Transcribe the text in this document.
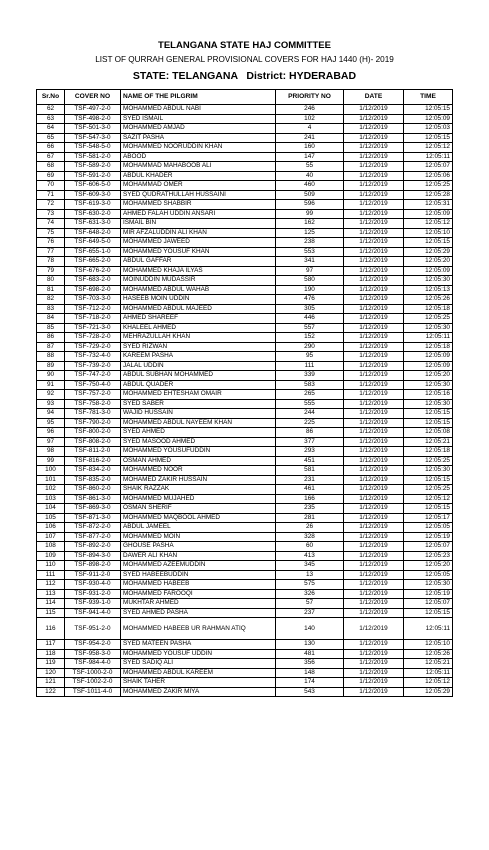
TELANGANA STATE HAJ COMMITTEE
LIST OF QURRAH GENERAL PROVISIONAL COVERS FOR HAJ 1440 (H)- 2019
STATE: TELANGANA   District: HYDERABAD
Sr.No	COVER NO	NAME OF THE PILGRIM	PRIORITY NO	DATE	TIME
62	TSF-497-2-0	MOHAMMED ABDUL NABI	246	1/12/2019	12:05:15
63	TSF-498-2-0	SYED ISMAIL	102	1/12/2019	12:05:09
64	TSF-501-3-0	MOHAMMED AMJAD	4	1/12/2019	12:05:03
65	TSF-547-3-0	SAZIT PASHA	241	1/12/2019	12:05:15
66	TSF-548-5-0	MOHAMMED NOORUDDIN KHAN	160	1/12/2019	12:05:12
67	TSF-581-2-0	ABOOD	147	1/12/2019	12:05:11
68	TSF-589-2-0	MOHAMMAD MAHABOOB ALI	55	1/12/2019	12:05:07
69	TSF-591-2-0	ABDUL KHADER	40	1/12/2019	12:05:06
70	TSF-606-5-0	MOHAMMAD OMER	460	1/12/2019	12:05:25
71	TSF-609-3-0	SYED QUDRATHULLAH HUSSAINI	509	1/12/2019	12:05:28
72	TSF-619-3-0	MOHAMMED SHABBIR	596	1/12/2019	12:05:31
73	TSF-630-2-0	AHMED FALAH UDDIN ANSARI	99	1/12/2019	12:05:09
74	TSF-631-3-0	ISMAIL BIN	162	1/12/2019	12:05:12
75	TSF-648-2-0	MIR AFZALUDDIN ALI KHAN	125	1/12/2019	12:05:10
76	TSF-649-5-0	MOHAMMED JAWEED	238	1/12/2019	12:05:15
77	TSF-655-1-0	MOHAMMED YOUSUF KHAN	553	1/12/2019	12:05:29
78	TSF-665-2-0	ABDUL GAFFAR	341	1/12/2019	12:05:20
79	TSF-676-2-0	MOHAMMED KHAJA ILYAS	97	1/12/2019	12:05:09
80	TSF-683-2-0	MOINUDDIN MUDASSIR	580	1/12/2019	12:05:30
81	TSF-698-2-0	MOHAMMED ABDUL WAHAB	190	1/12/2019	12:05:13
82	TSF-703-3-0	HASEEB MOIN UDDIN	476	1/12/2019	12:05:26
83	TSF-712-2-0	MOHAMMED ABDUL MAJEED	305	1/12/2019	12:05:18
84	TSF-718-2-0	AHMED SHAREEF	446	1/12/2019	12:05:25
85	TSF-721-3-0	KHALEEL AHMED	557	1/12/2019	12:05:30
86	TSF-728-2-0	MEHRAZULLAH KHAN	152	1/12/2019	12:05:11
87	TSF-729-2-0	SYED RIZWAN	290	1/12/2019	12:05:18
88	TSF-732-4-0	KAREEM PASHA	95	1/12/2019	12:05:09
89	TSF-739-2-0	JALAL UDDIN	111	1/12/2019	12:05:09
90	TSF-747-2-0	ABDUL SUBHAN MOHAMMED	339	1/12/2019	12:05:20
91	TSF-750-4-0	ABDUL QUADER	583	1/12/2019	12:05:30
92	TSF-757-2-0	MOHAMMED EHTESHAM OMAIR	265	1/12/2019	12:05:16
93	TSF-758-2-0	SYED SABER	555	1/12/2019	12:05:30
94	TSF-781-3-0	WAJID HUSSAIN	244	1/12/2019	12:05:15
95	TSF-790-2-0	MOHAMMED ABDUL NAYEEM KHAN	225	1/12/2019	12:05:15
96	TSF-800-2-0	SYED AHMED	86	1/12/2019	12:05:08
97	TSF-808-2-0	SYED MASOOD AHMED	377	1/12/2019	12:05:21
98	TSF-811-2-0	MOHAMMED YOUSUFUDDIN	293	1/12/2019	12:05:18
99	TSF-816-2-0	OSMAN AHMED	451	1/12/2019	12:05:25
100	TSF-834-2-0	MOHAMMED NOOR	581	1/12/2019	12:05:30
101	TSF-835-2-0	MOHAMED ZAKIR HUSSAIN	231	1/12/2019	12:05:15
102	TSF-860-2-0	SHAIK RAZZAK	461	1/12/2019	12:05:25
103	TSF-861-3-0	MOHAMMED MUJAHED	166	1/12/2019	12:05:12
104	TSF-869-3-0	OSMAN SHERIF	235	1/12/2019	12:05:15
105	TSF-871-3-0	MOHAMMED MAQBOOL AHMED	281	1/12/2019	12:05:17
106	TSF-872-2-0	ABDUL JAMEEL	26	1/12/2019	12:05:05
107	TSF-877-2-0	MOHAMMED MOIN	328	1/12/2019	12:05:19
108	TSF-892-2-0	GHOUSE PASHA	60	1/12/2019	12:05:07
109	TSF-894-3-0	DAWER ALI KHAN	413	1/12/2019	12:05:23
110	TSF-898-2-0	MOHAMMED AZEEMUDDIN	345	1/12/2019	12:05:20
111	TSF-911-2-0	SYED HABEEBUDDIN	13	1/12/2019	12:05:05
112	TSF-930-4-0	MOHAMMED HABEEB	575	1/12/2019	12:05:30
113	TSF-931-2-0	MOHAMMED FAROOQI	326	1/12/2019	12:05:19
114	TSF-939-1-0	MUKHTAR AHMED	57	1/12/2019	12:05:07
115	TSF-941-4-0	SYED AHMED PASHA	237	1/12/2019	12:05:15
116	TSF-951-2-0	MOHAMMED HABEEB UR RAHMAN ATIQ	140	1/12/2019	12:05:11
117	TSF-954-2-0	SYED MATEEN PASHA	130	1/12/2019	12:05:10
118	TSF-958-3-0	MOHAMMED YOUSUF UDDIN	481	1/12/2019	12:05:26
119	TSF-984-4-0	SYED SADIQ ALI	356	1/12/2019	12:05:21
120	TSF-1000-2-0	MOHAMMED ABDUL KAREEM	148	1/12/2019	12:05:11
121	TSF-1002-2-0	SHAIK TAHER	174	1/12/2019	12:05:12
122	TSF-1011-4-0	MOHAMMED ZAKIR MIYA	543	1/12/2019	12:05:29
